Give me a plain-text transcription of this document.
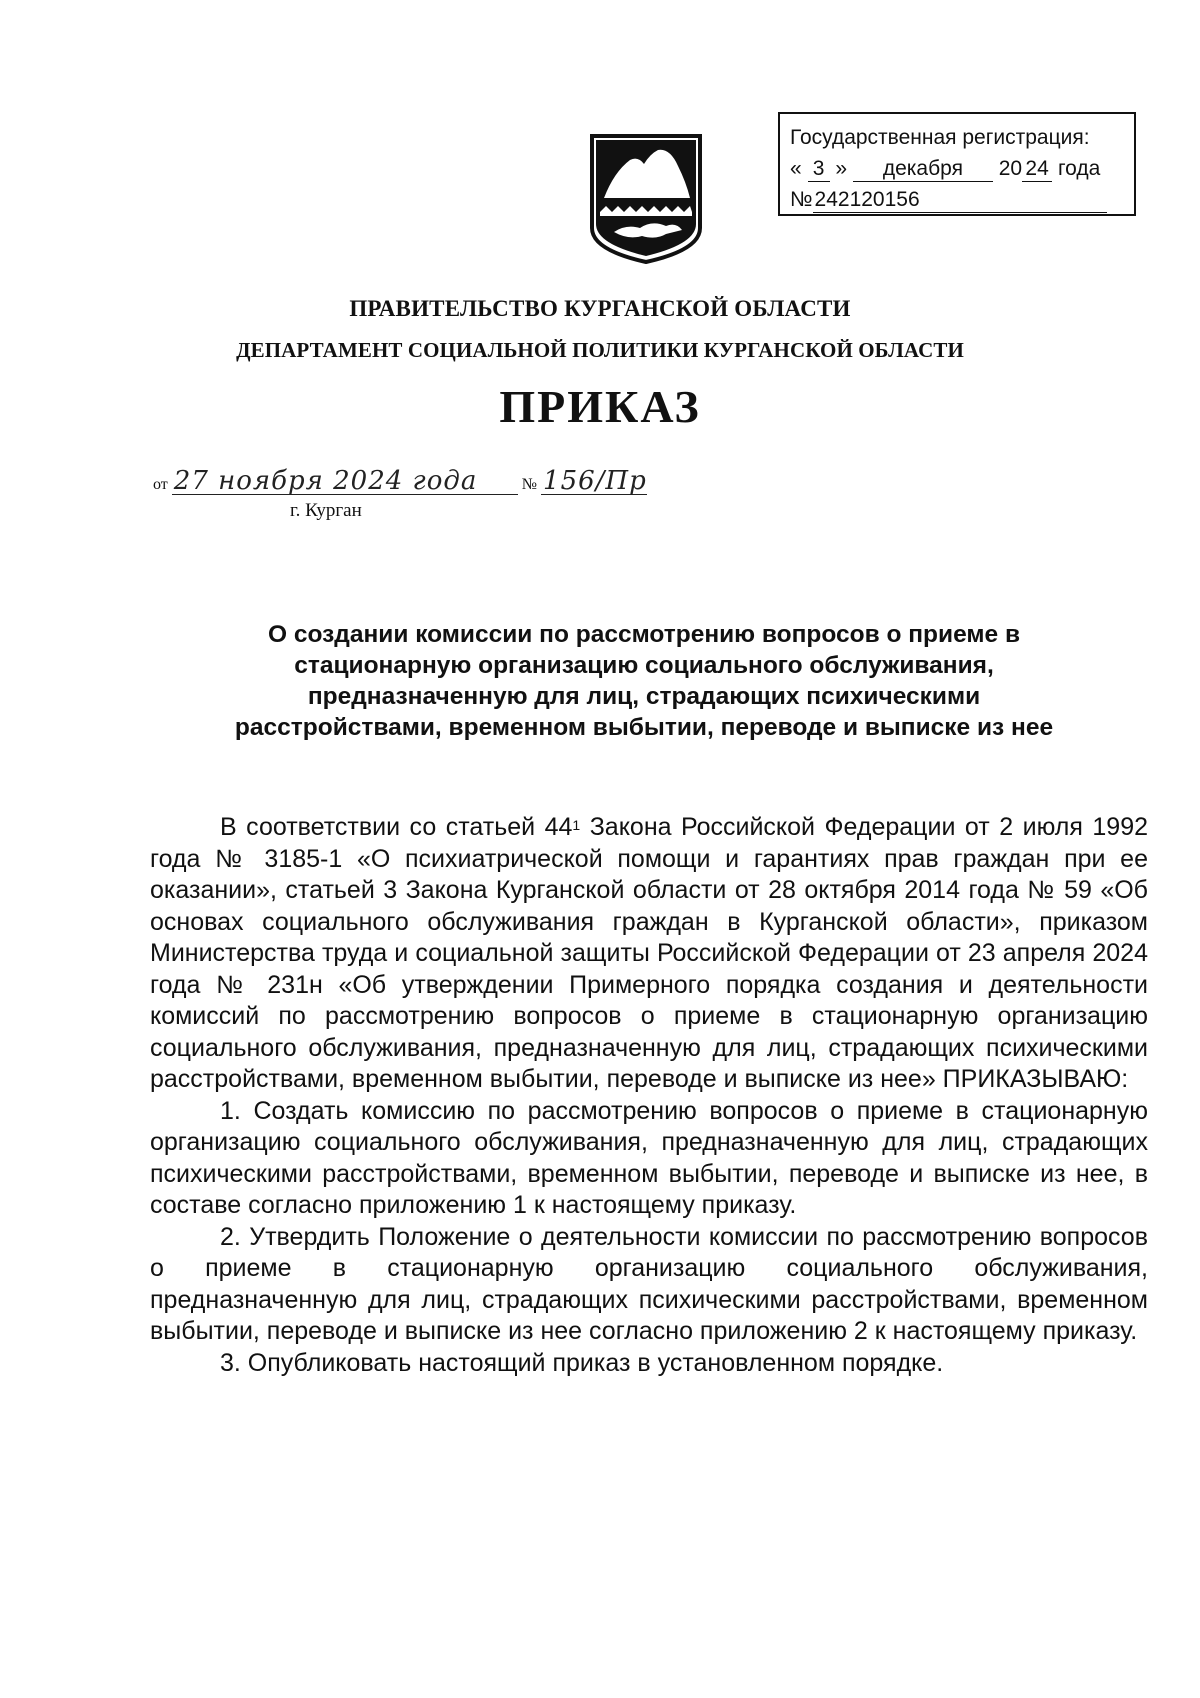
Государственная регистрация:
« 3 » декабря 20 24 года
№242120156
ПРАВИТЕЛЬСТВО КУРГАНСКОЙ ОБЛАСТИ
ДЕПАРТАМЕНТ СОЦИАЛЬНОЙ ПОЛИТИКИ КУРГАНСКОЙ ОБЛАСТИ
ПРИКАЗ
от 27 ноября 2024 года	№ 156/Пр
г. Курган
О создании комиссии по рассмотрению вопросов о приеме в
стационарную организацию социального обслуживания,
предназначенную для лиц, страдающих психическими
расстройствами, временном выбытии, переводе и выписке из нее

В соответствии со статьей $44^1$ Закона Российской Федерации от 2 июля 1992 года № 3185-1 «О психиатрической помощи и гарантиях прав граждан при ее оказании», статьей 3 Закона Курганской области от 28 октября 2014 года № 59 «Об основах социального обслуживания граждан в Курганской области», приказом Министерства труда и социальной защиты Российской Федерации от 23 апреля 2024 года № 231н «Об утверждении Примерного порядка создания и деятельности комиссий по рассмотрению вопросов о приеме в стационарную организацию социального обслуживания, предназначенную для лиц, страдающих психическими расстройствами, временном выбытии, переводе и выписке из нее» ПРИКАЗЫВАЮ:

1. Создать комиссию по рассмотрению вопросов о приеме в стационарную организацию социального обслуживания, предназначенную для лиц, страдающих психическими расстройствами, временном выбытии, переводе и выписке из нее, в составе согласно приложению 1 к настоящему приказу.

2. Утвердить Положение о деятельности комиссии по рассмотрению вопросов о приеме в стационарную организацию социального обслуживания, предназначенную для лиц, страдающих психическими расстройствами, временном выбытии, переводе и выписке из нее согласно приложению 2 к настоящему приказу.

3. Опубликовать настоящий приказ в установленном порядке.
